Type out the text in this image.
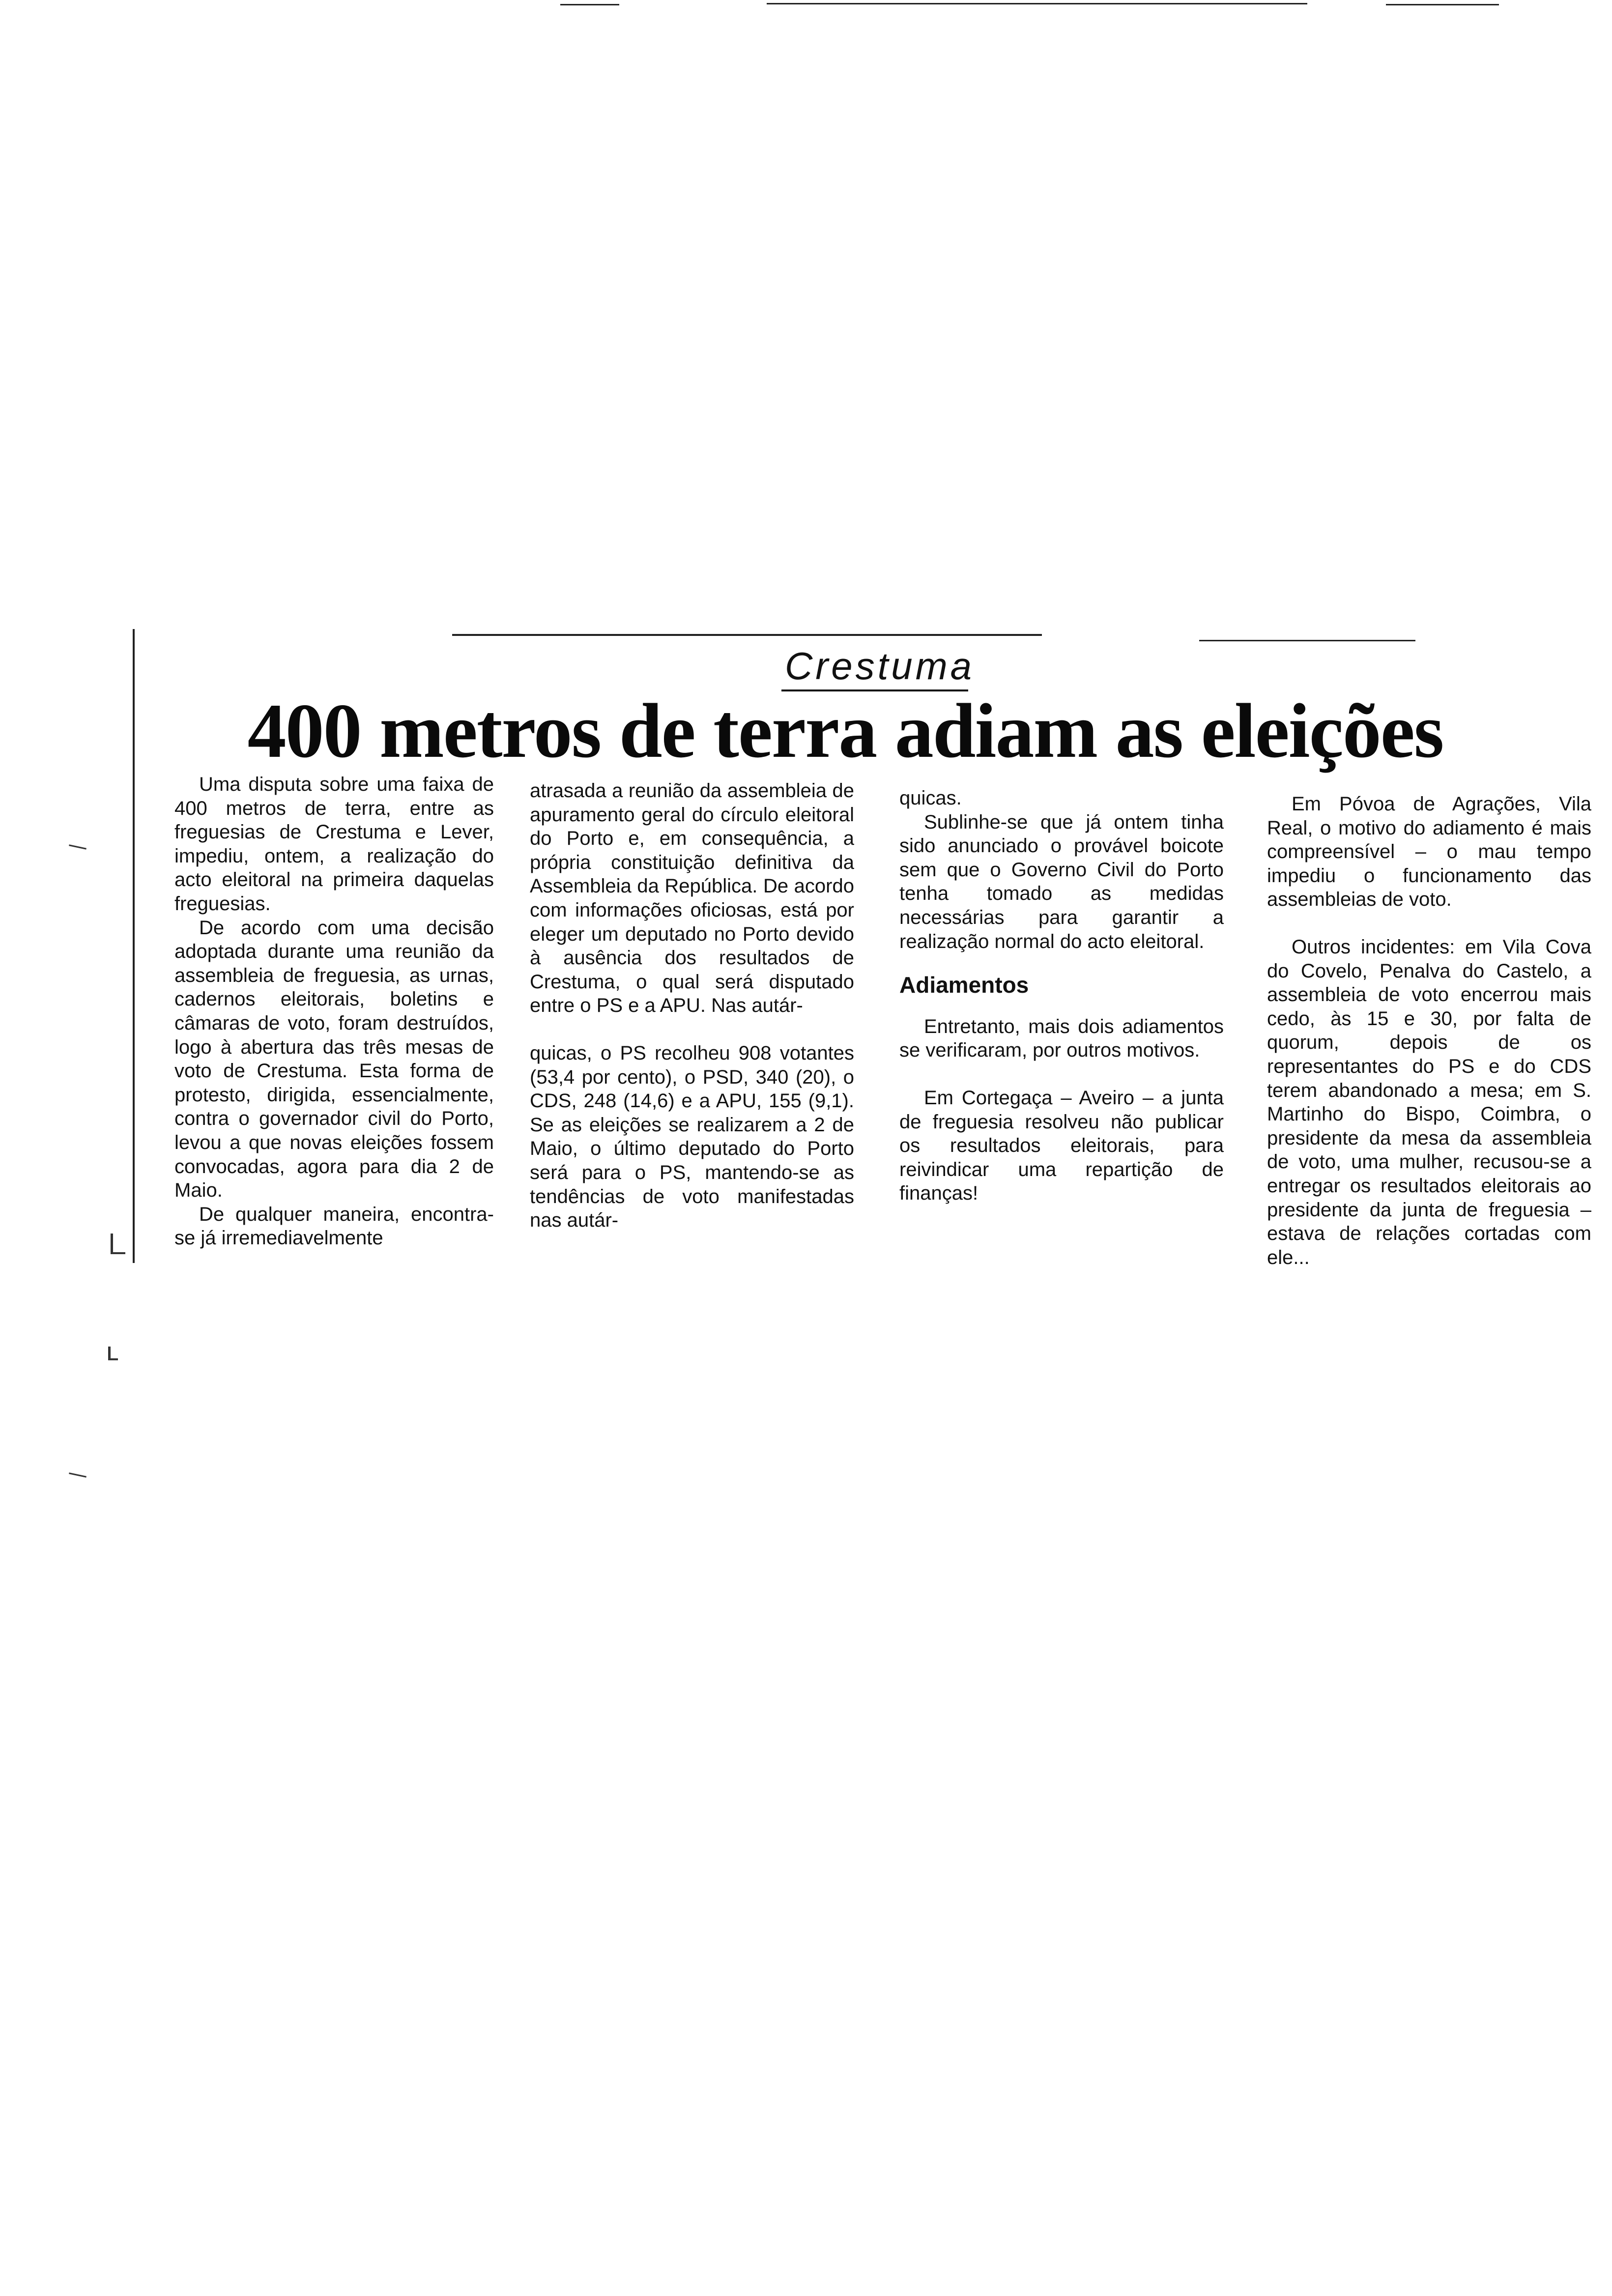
Crestuma
400 metros de terra adiam as eleições

Uma disputa sobre uma faixa de 400 metros de terra, entre as freguesias de Crestuma e Lever, impediu, ontem, a realização do acto eleitoral na primeira daquelas freguesias.

De acordo com uma decisão adoptada durante uma reunião da assembleia de freguesia, as urnas, cadernos eleitorais, boletins e câmaras de voto, foram destruídos, logo à abertura das três mesas de voto de Crestuma. Esta forma de protesto, dirigida, essencialmente, contra o governador civil do Porto, levou a que novas eleições fossem convocadas, agora para dia 2 de Maio.

De qualquer maneira, encontra-se já irremediavelmente

atrasada a reunião da assembleia de apuramento geral do círculo eleitoral do Porto e, em consequência, a própria constituição definitiva da Assembleia da República. De acordo com informações oficiosas, está por eleger um deputado no Porto devido à ausência dos resultados de Crestuma, o qual será disputado entre o PS e a APU. Nas autár-

quicas, o PS recolheu 908 votantes (53,4 por cento), o PSD, 340 (20), o CDS, 248 (14,6) e a APU, 155 (9,1). Se as eleições se realizarem a 2 de Maio, o último deputado do Porto será para o PS, mantendo-se as tendências de voto manifestadas nas autár-

quicas.

Sublinhe-se que já ontem tinha sido anunciado o provável boicote sem que o Governo Civil do Porto tenha tomado as medidas necessárias para garantir a realização normal do acto eleitoral.

Adiamentos

Entretanto, mais dois adiamentos se verificaram, por outros motivos.

Em Cortegaça – Aveiro – a junta de freguesia resolveu não publicar os resultados eleitorais, para reivindicar uma repartição de finanças!

Em Póvoa de Agrações, Vila Real, o motivo do adiamento é mais compreensível – o mau tempo impediu o funcionamento das assembleias de voto.

Outros incidentes: em Vila Cova do Covelo, Penalva do Castelo, a assembleia de voto encerrou mais cedo, às 15 e 30, por falta de quorum, depois de os representantes do PS e do CDS terem abandonado a mesa; em S. Martinho do Bispo, Coimbra, o presidente da mesa da assembleia de voto, uma mulher, recusou-se a entregar os resultados eleitorais ao presidente da junta de freguesia – estava de relações cortadas com ele...
